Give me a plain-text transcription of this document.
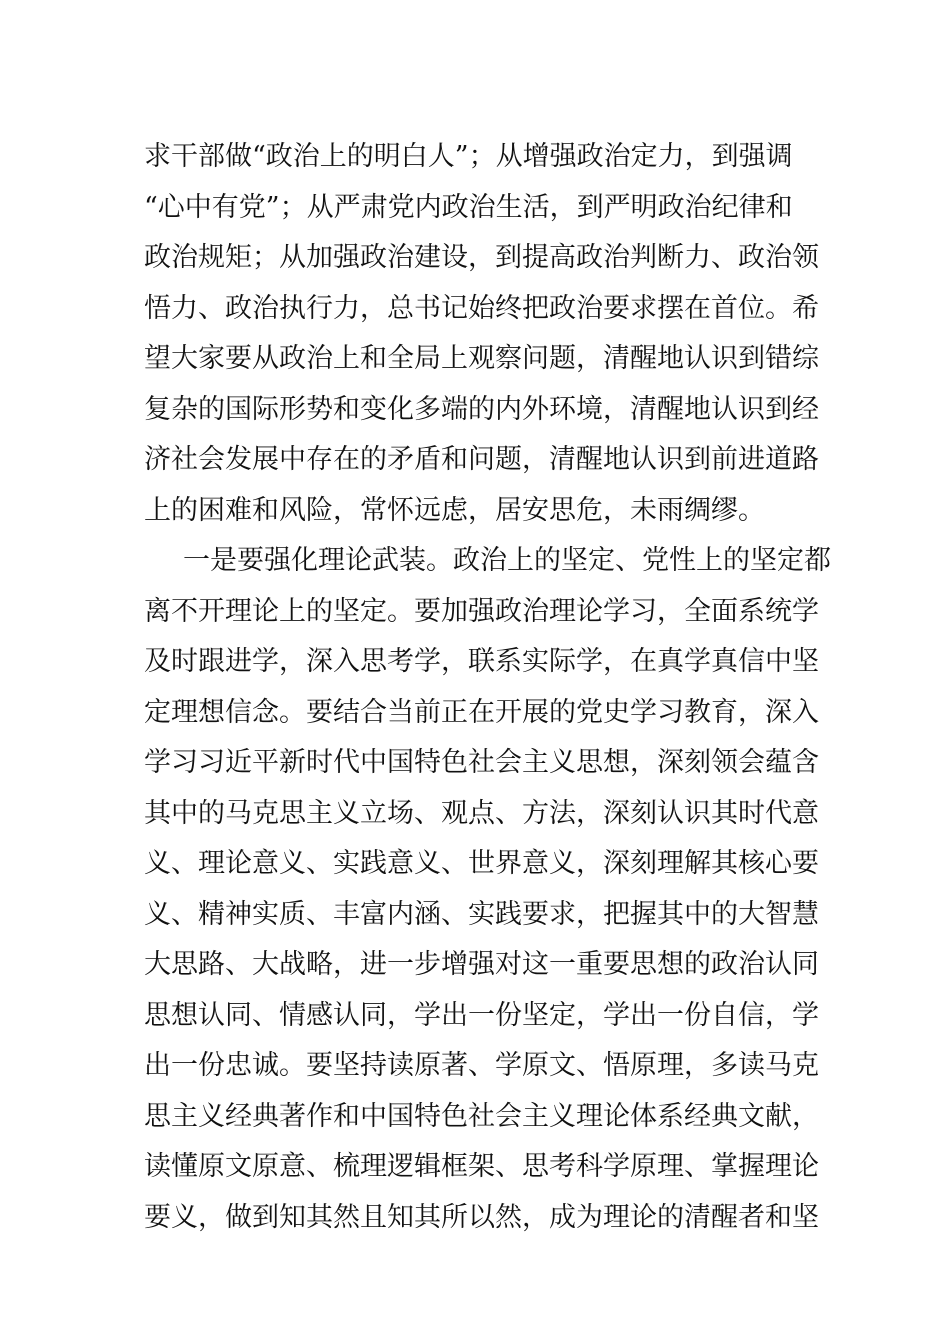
求干部做“政治上的明白人”；从增强政治定力，到强调
“心中有党”；从严肃党内政治生活，到严明政治纪律和
政治规矩；从加强政治建设，到提高政治判断力、政治领
悟力、政治执行力，总书记始终把政治要求摆在首位。希
望大家要从政治上和全局上观察问题，清醒地认识到错综
复杂的国际形势和变化多端的内外环境，清醒地认识到经
济社会发展中存在的矛盾和问题，清醒地认识到前进道路
上的困难和风险，常怀远虑，居安思危，未雨绸缪。
一是要强化理论武装。政治上的坚定、党性上的坚定都
离不开理论上的坚定。要加强政治理论学习，全面系统学
及时跟进学，深入思考学，联系实际学，在真学真信中坚
定理想信念。要结合当前正在开展的党史学习教育，深入
学习习近平新时代中国特色社会主义思想，深刻领会蕴含
其中的马克思主义立场、观点、方法，深刻认识其时代意
义、理论意义、实践意义、世界意义，深刻理解其核心要
义、精神实质、丰富内涵、实践要求，把握其中的大智慧
大思路、大战略，进一步增强对这一重要思想的政治认同
思想认同、情感认同，学出一份坚定，学出一份自信，学
出一份忠诚。要坚持读原著、学原文、悟原理，多读马克
思主义经典著作和中国特色社会主义理论体系经典文献，
读懂原文原意、梳理逻辑框架、思考科学原理、掌握理论
要义，做到知其然且知其所以然，成为理论的清醒者和坚
